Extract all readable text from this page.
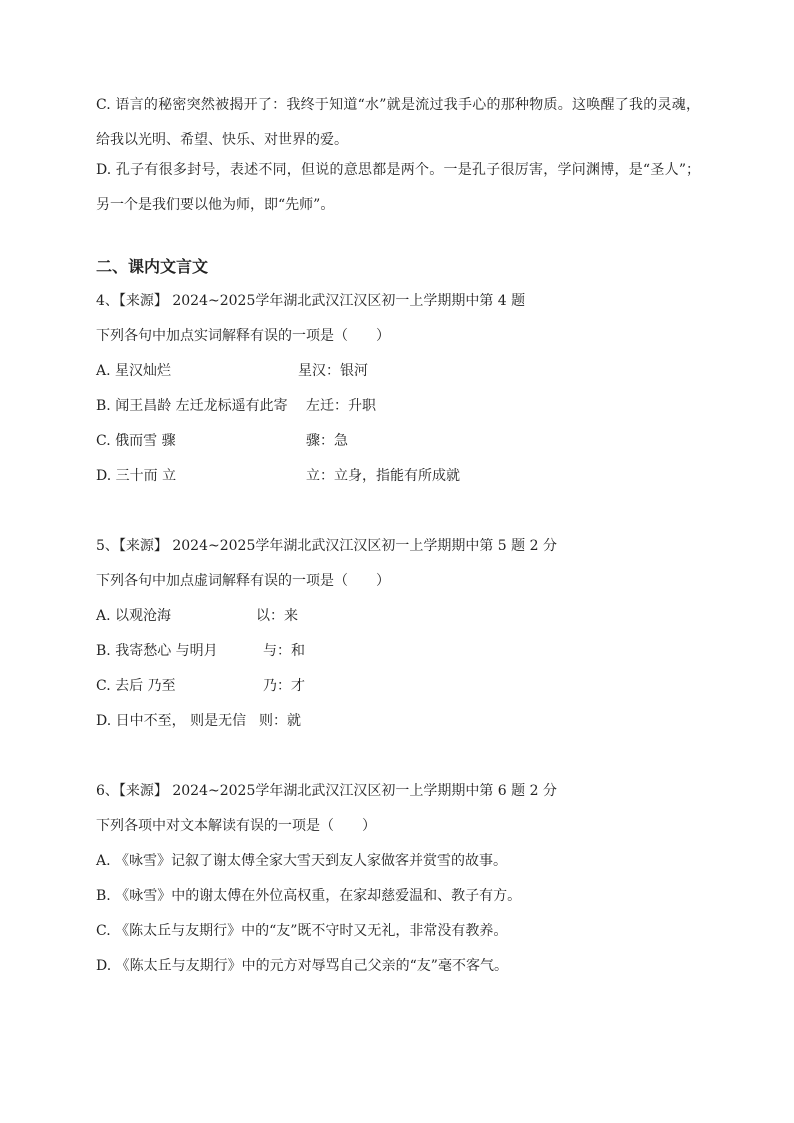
C. 语言的秘密突然被揭开了：我终于知道“水”就是流过我手心的那种物质。这唤醒了我的灵魂，给我以光明、希望、快乐、对世界的爱。
D. 孔子有很多封号，表述不同，但说的意思都是两个。一是孔子很厉害，学问渊博，是“圣人”；另一个是我们要以他为师，即“先师”。
二、课内文言文
4、【来源】 2024~2025学年湖北武汉江汉区初一上学期期中第 4 题
下列各句中加点实词解释有误的一项是（　　）
A. 星汉灿烂	星汉：银河
B. 闻王昌龄 左迁龙标遥有此寄 左迁：升职
C. 俄而雪 骤	骤：急
D. 三十而 立	立：立身，指能有所成就
5、【来源】 2024~2025学年湖北武汉江汉区初一上学期期中第 5 题 2 分
下列各句中加点虚词解释有误的一项是（　　）
A. 以观沧海	以：来
B. 我寄愁心 与明月	与：和
C. 去后 乃至	乃：才
D. 日中不至， 则是无信 则：就
6、【来源】 2024~2025学年湖北武汉江汉区初一上学期期中第 6 题 2 分
下列各项中对文本解读有误的一项是（　　）
A. 《咏雪》记叙了谢太傅全家大雪天到友人家做客并赏雪的故事。
B. 《咏雪》中的谢太傅在外位高权重，在家却慈爱温和、教子有方。
C. 《陈太丘与友期行》中的“友”既不守时又无礼，非常没有教养。
D. 《陈太丘与友期行》中的元方对辱骂自己父亲的“友”毫不客气。
